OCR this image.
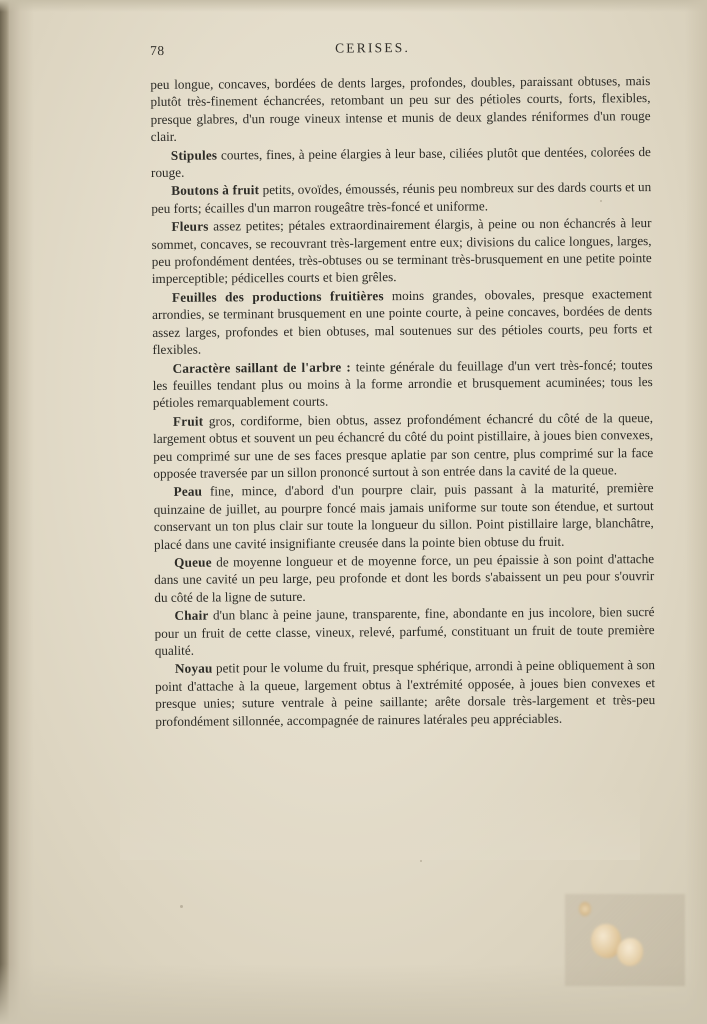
78	CERISES.

peu longue, concaves, bordées de dents larges, profondes, doubles, paraissant obtuses, mais plutôt très-finement échancrées, retombant un peu sur des pétioles courts, forts, flexibles, presque glabres, d'un rouge vineux intense et munis de deux glandes réniformes d'un rouge clair.

Stipules courtes, fines, à peine élargies à leur base, ciliées plutôt que dentées, colorées de rouge.

Boutons à fruit petits, ovoïdes, émoussés, réunis peu nombreux sur des dards courts et un peu forts; écailles d'un marron rougeâtre très-foncé et uniforme.

Fleurs assez petites; pétales extraordinairement élargis, à peine ou non échancrés à leur sommet, concaves, se recouvrant très-largement entre eux; divisions du calice longues, larges, peu profondément dentées, très-obtuses ou se terminant très-brusquement en une petite pointe imperceptible; pédicelles courts et bien grêles.

Feuilles des productions fruitières moins grandes, obovales, presque exactement arrondies, se terminant brusquement en une pointe courte, à peine concaves, bordées de dents assez larges, profondes et bien obtuses, mal soutenues sur des pétioles courts, peu forts et flexibles.

Caractère saillant de l'arbre : teinte générale du feuillage d'un vert très-foncé; toutes les feuilles tendant plus ou moins à la forme arrondie et brusquement acuminées; tous les pétioles remarquablement courts.

Fruit gros, cordiforme, bien obtus, assez profondément échancré du côté de la queue, largement obtus et souvent un peu échancré du côté du point pistillaire, à joues bien convexes, peu comprimé sur une de ses faces presque aplatie par son centre, plus comprimé sur la face opposée traversée par un sillon prononcé surtout à son entrée dans la cavité de la queue.

Peau fine, mince, d'abord d'un pourpre clair, puis passant à la maturité, première quinzaine de juillet, au pourpre foncé mais jamais uniforme sur toute son étendue, et surtout conservant un ton plus clair sur toute la longueur du sillon. Point pistillaire large, blanchâtre, placé dans une cavité insignifiante creusée dans la pointe bien obtuse du fruit.

Queue de moyenne longueur et de moyenne force, un peu épaissie à son point d'attache dans une cavité un peu large, peu profonde et dont les bords s'abaissent un peu pour s'ouvrir du côté de la ligne de suture.

Chair d'un blanc à peine jaune, transparente, fine, abondante en jus incolore, bien sucré pour un fruit de cette classe, vineux, relevé, parfumé, constituant un fruit de toute première qualité.

Noyau petit pour le volume du fruit, presque sphérique, arrondi à peine obliquement à son point d'attache à la queue, largement obtus à l'extrémité opposée, à joues bien convexes et presque unies; suture ventrale à peine saillante; arête dorsale très-largement et très-peu profondément sillonnée, accompagnée de rainures latérales peu appréciables.
